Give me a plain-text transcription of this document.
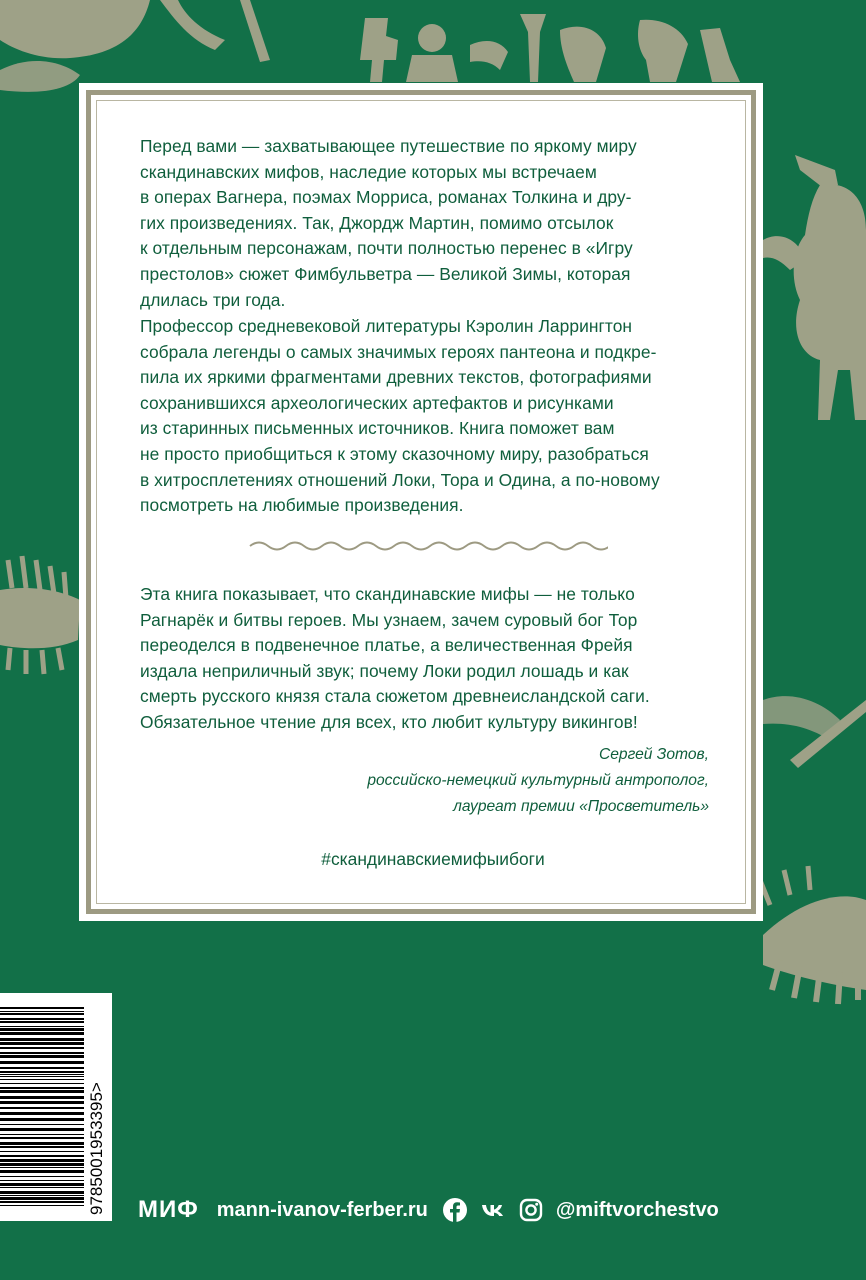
Перед вами — захватывающее путешествие по яркому миру
скандинавских мифов, наследие которых мы встречаем
в операх Вагнера, поэмах Морриса, романах Толкина и дру-
гих произведениях. Так, Джордж Мартин, помимо отсылок
к отдельным персонажам, почти полностью перенес в «Игру
престолов» сюжет Фимбульветра — Великой Зимы, которая
длилась три года.

Профессор средневековой литературы Кэролин Ларрингтон
собрала легенды о самых значимых героях пантеона и подкре-
пила их яркими фрагментами древних текстов, фотографиями
сохранившихся археологических артефактов и рисунками
из старинных письменных источников. Книга поможет вам
не просто приобщиться к этому сказочному миру, разобраться
в хитросплетениях отношений Локи, Тора и Одина, а по-новому
посмотреть на любимые произведения.

Эта книга показывает, что скандинавские мифы — не только
Рагнарёк и битвы героев. Мы узнаем, зачем суровый бог Тор
переоделся в подвенечное платье, а величественная Фрейя
издала неприличный звук; почему Локи родил лошадь и как
смерть русского князя стала сюжетом древнеисландской саги.
Обязательное чтение для всех, кто любит культуру викингов!

Сергей Зотов,
российско-немецкий культурный антрополог,
лауреат премии «Просветитель»
#скандинавскиемифыибоги
9785001953395> МИФ mann-ivanov-ferber.ru	@miftvorchestvo
